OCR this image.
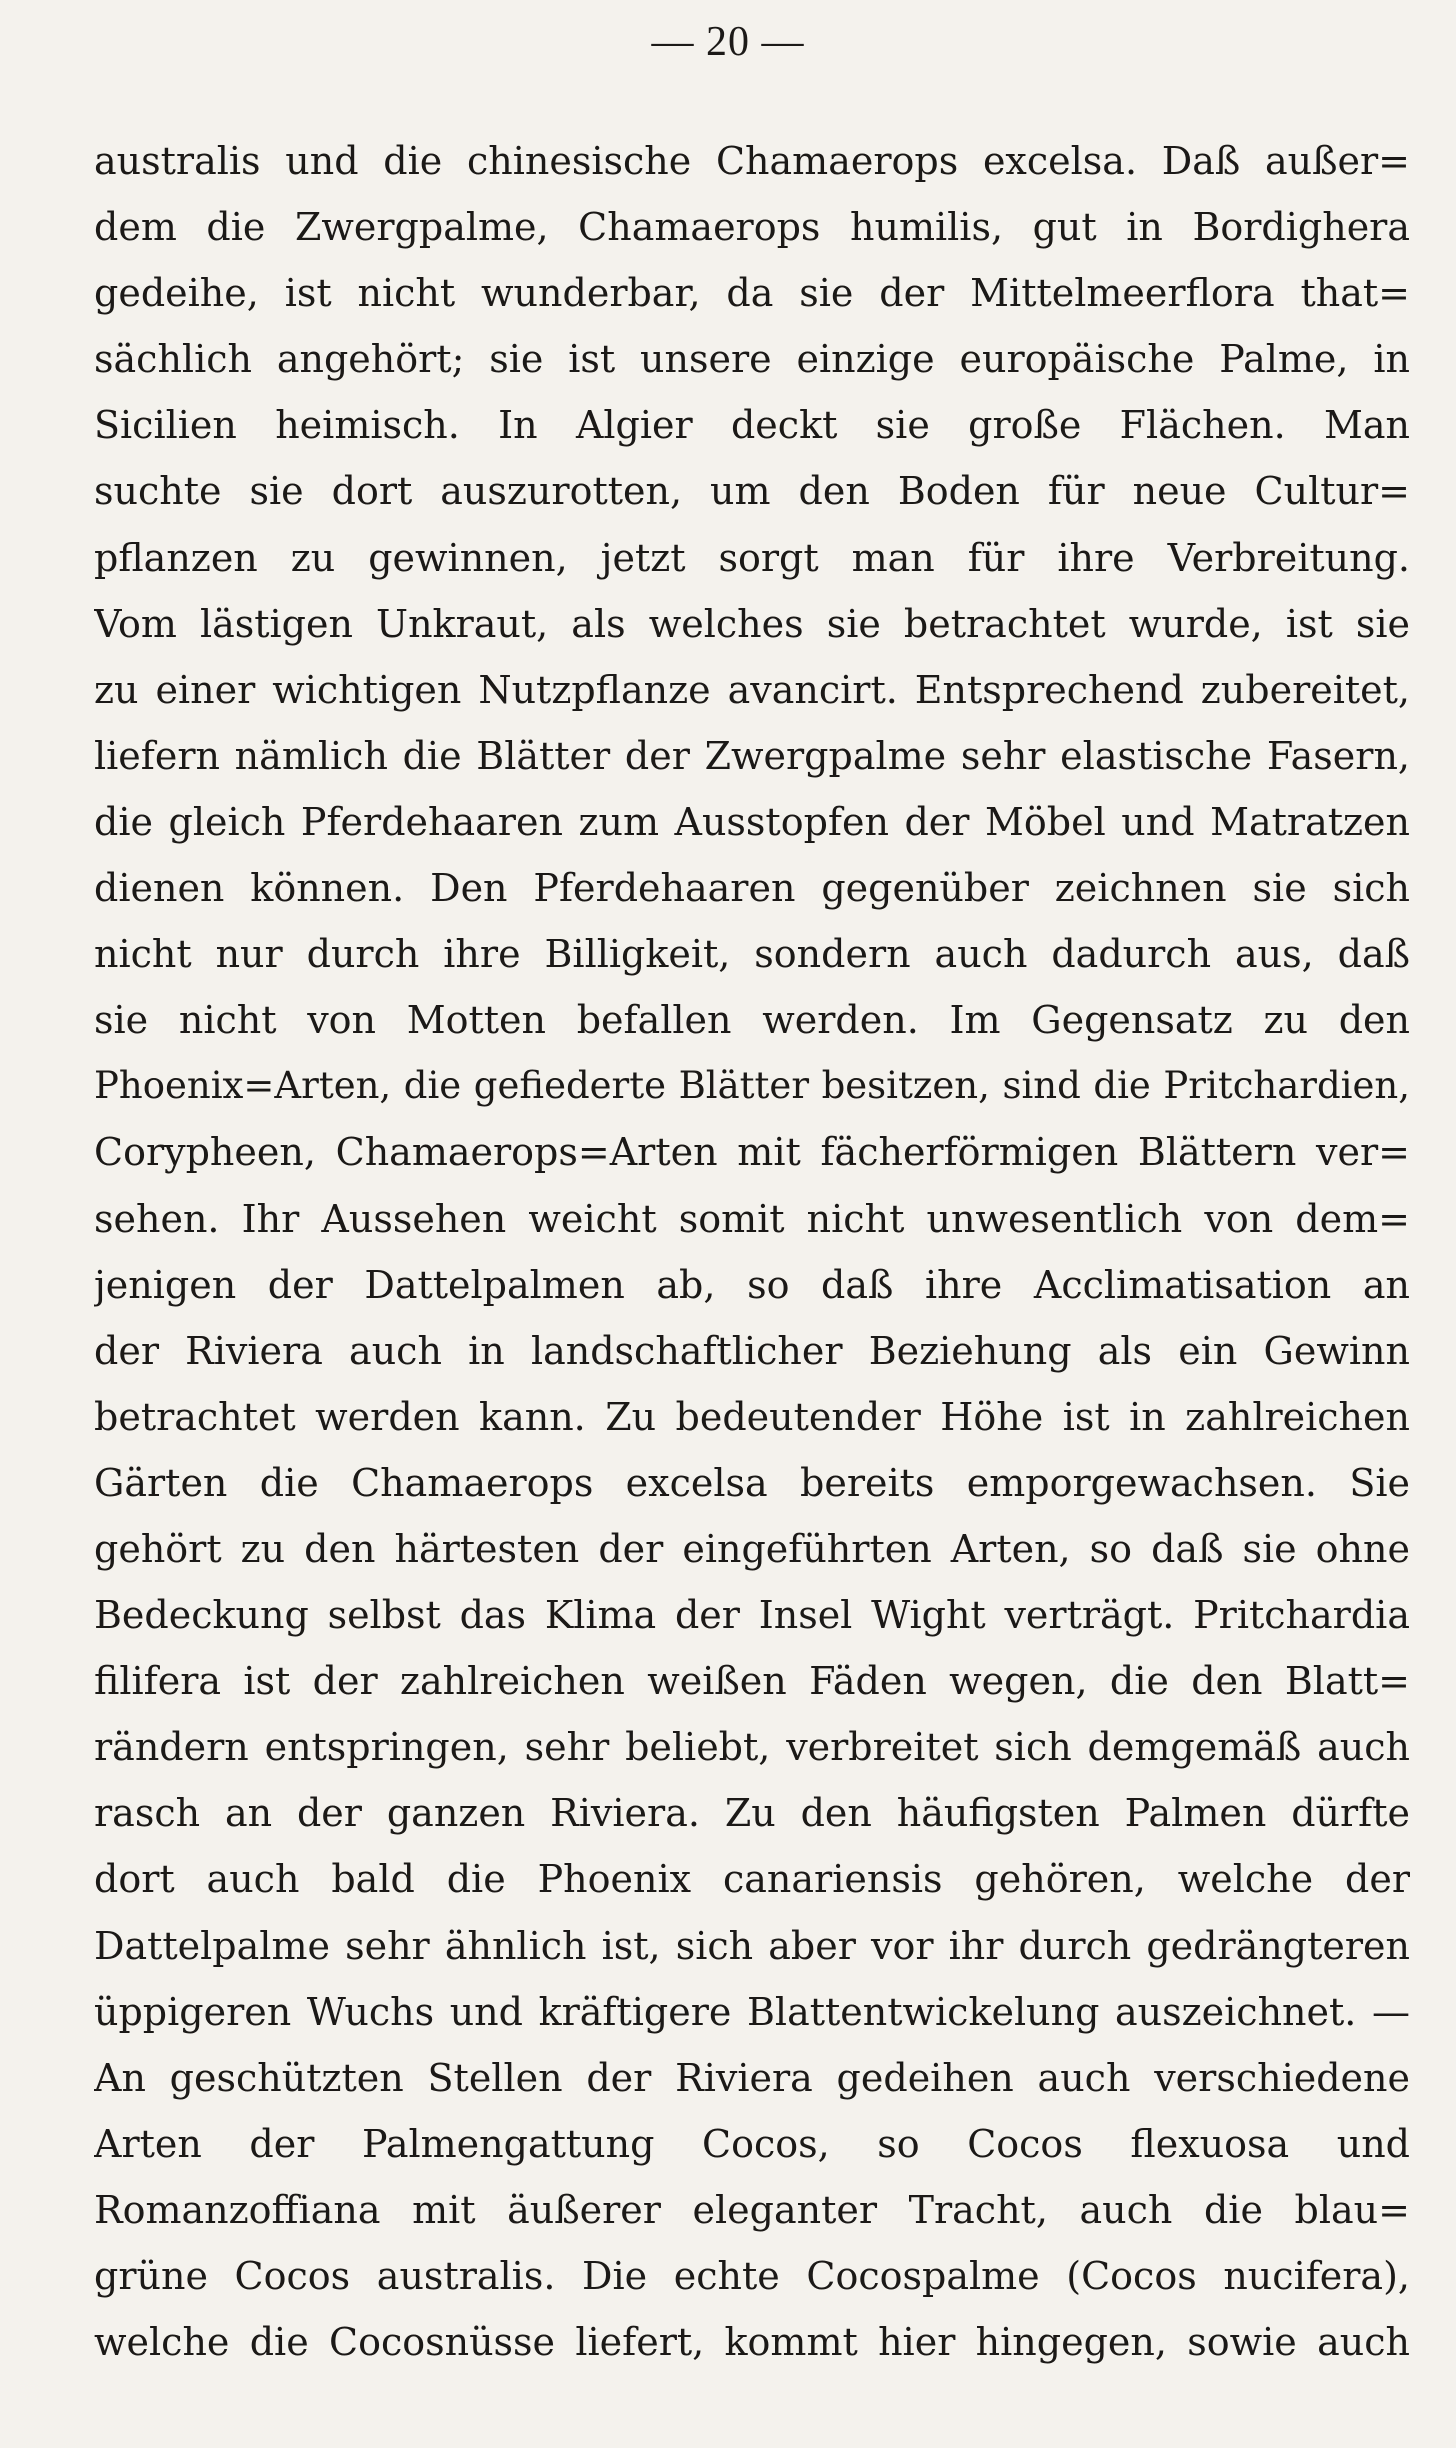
— 20 —
australis und die chinesische Chamaerops excelsa. Daß außer=
dem die Zwergpalme, Chamaerops humilis, gut in Bordighera
gedeihe, ist nicht wunderbar, da sie der Mittelmeerflora that=
sächlich angehört; sie ist unsere einzige europäische Palme, in
Sicilien heimisch. In Algier deckt sie große Flächen. Man
suchte sie dort auszurotten, um den Boden für neue Cultur=
pflanzen zu gewinnen, jetzt sorgt man für ihre Verbreitung.
Vom lästigen Unkraut, als welches sie betrachtet wurde, ist sie
zu einer wichtigen Nutzpflanze avancirt. Entsprechend zubereitet,
liefern nämlich die Blätter der Zwergpalme sehr elastische Fasern,
die gleich Pferdehaaren zum Ausstopfen der Möbel und Matratzen
dienen können. Den Pferdehaaren gegenüber zeichnen sie sich
nicht nur durch ihre Billigkeit, sondern auch dadurch aus, daß
sie nicht von Motten befallen werden. Im Gegensatz zu den
Phoenix=Arten, die gefiederte Blätter besitzen, sind die Pritchardien,
Corypheen, Chamaerops=Arten mit fächerförmigen Blättern ver=
sehen. Ihr Aussehen weicht somit nicht unwesentlich von dem=
jenigen der Dattelpalmen ab, so daß ihre Acclimatisation an
der Riviera auch in landschaftlicher Beziehung als ein Gewinn
betrachtet werden kann. Zu bedeutender Höhe ist in zahlreichen
Gärten die Chamaerops excelsa bereits emporgewachsen. Sie
gehört zu den härtesten der eingeführten Arten, so daß sie ohne
Bedeckung selbst das Klima der Insel Wight verträgt. Pritchardia
filifera ist der zahlreichen weißen Fäden wegen, die den Blatt=
rändern entspringen, sehr beliebt, verbreitet sich demgemäß auch
rasch an der ganzen Riviera. Zu den häufigsten Palmen dürfte
dort auch bald die Phoenix canariensis gehören, welche der
Dattelpalme sehr ähnlich ist, sich aber vor ihr durch gedrängteren
üppigeren Wuchs und kräftigere Blattentwickelung auszeichnet. —
An geschützten Stellen der Riviera gedeihen auch verschiedene
Arten der Palmengattung Cocos, so Cocos flexuosa und
Romanzoffiana mit äußerer eleganter Tracht, auch die blau=
grüne Cocos australis. Die echte Cocospalme (Cocos nucifera),
welche die Cocosnüsse liefert, kommt hier hingegen, sowie auch
